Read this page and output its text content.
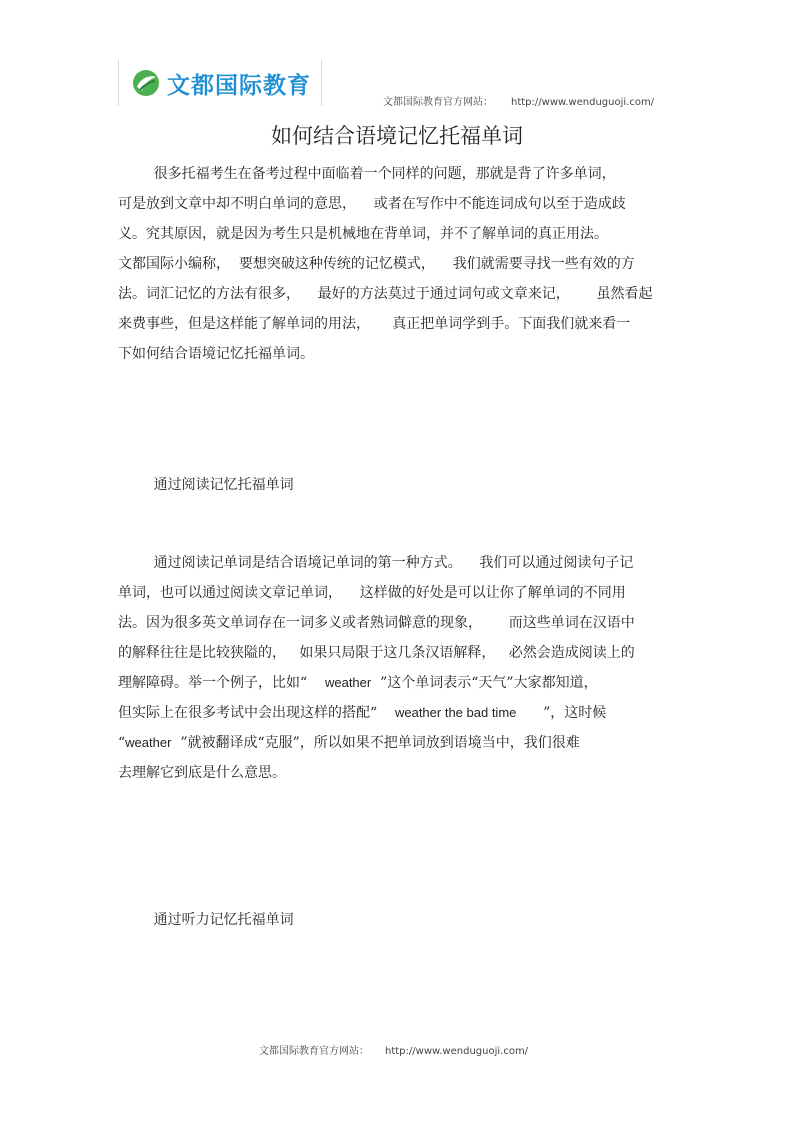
文都国际教育
文都国际教育官方网站： http://www.wenduguoji.com/
如何结合语境记忆托福单词
很多托福考生在备考过程中面临着一个同样的问题，那就是背了许多单词，
可是放到文章中却不明白单词的意思，    或者在写作中不能连词成句以至于造成歧
义。究其原因，就是因为考生只是机械地在背单词，并不了解单词的真正用法。
文都国际小编称，  要想突破这种传统的记忆模式，    我们就需要寻找一些有效的方
法。词汇记忆的方法有很多，    最好的方法莫过于通过词句或文章来记，      虽然看起
来费事些，但是这样能了解单词的用法，     真正把单词学到手。下面我们就来看一
下如何结合语境记忆托福单词。
通过阅读记忆托福单词
通过阅读记单词是结合语境记单词的第一种方式。    我们可以通过阅读句子记
单词，也可以通过阅读文章记单词，    这样做的好处是可以让你了解单词的不同用
法。因为很多英文单词存在一词多义或者熟词僻意的现象，      而这些单词在汉语中
的解释往往是比较狭隘的，   如果只局限于这几条汉语解释，   必然会造成阅读上的
理解障碍。举一个例子，比如“    weather  ”这个单词表示“天气”大家都知道，
但实际上在很多考试中会出现这样的搭配“    weather the bad time      ”，这时候
“weather  ”就被翻译成“克服”，所以如果不把单词放到语境当中，我们很难
去理解它到底是什么意思。
通过听力记忆托福单词
文都国际教育官方网站： http://www.wenduguoji.com/
